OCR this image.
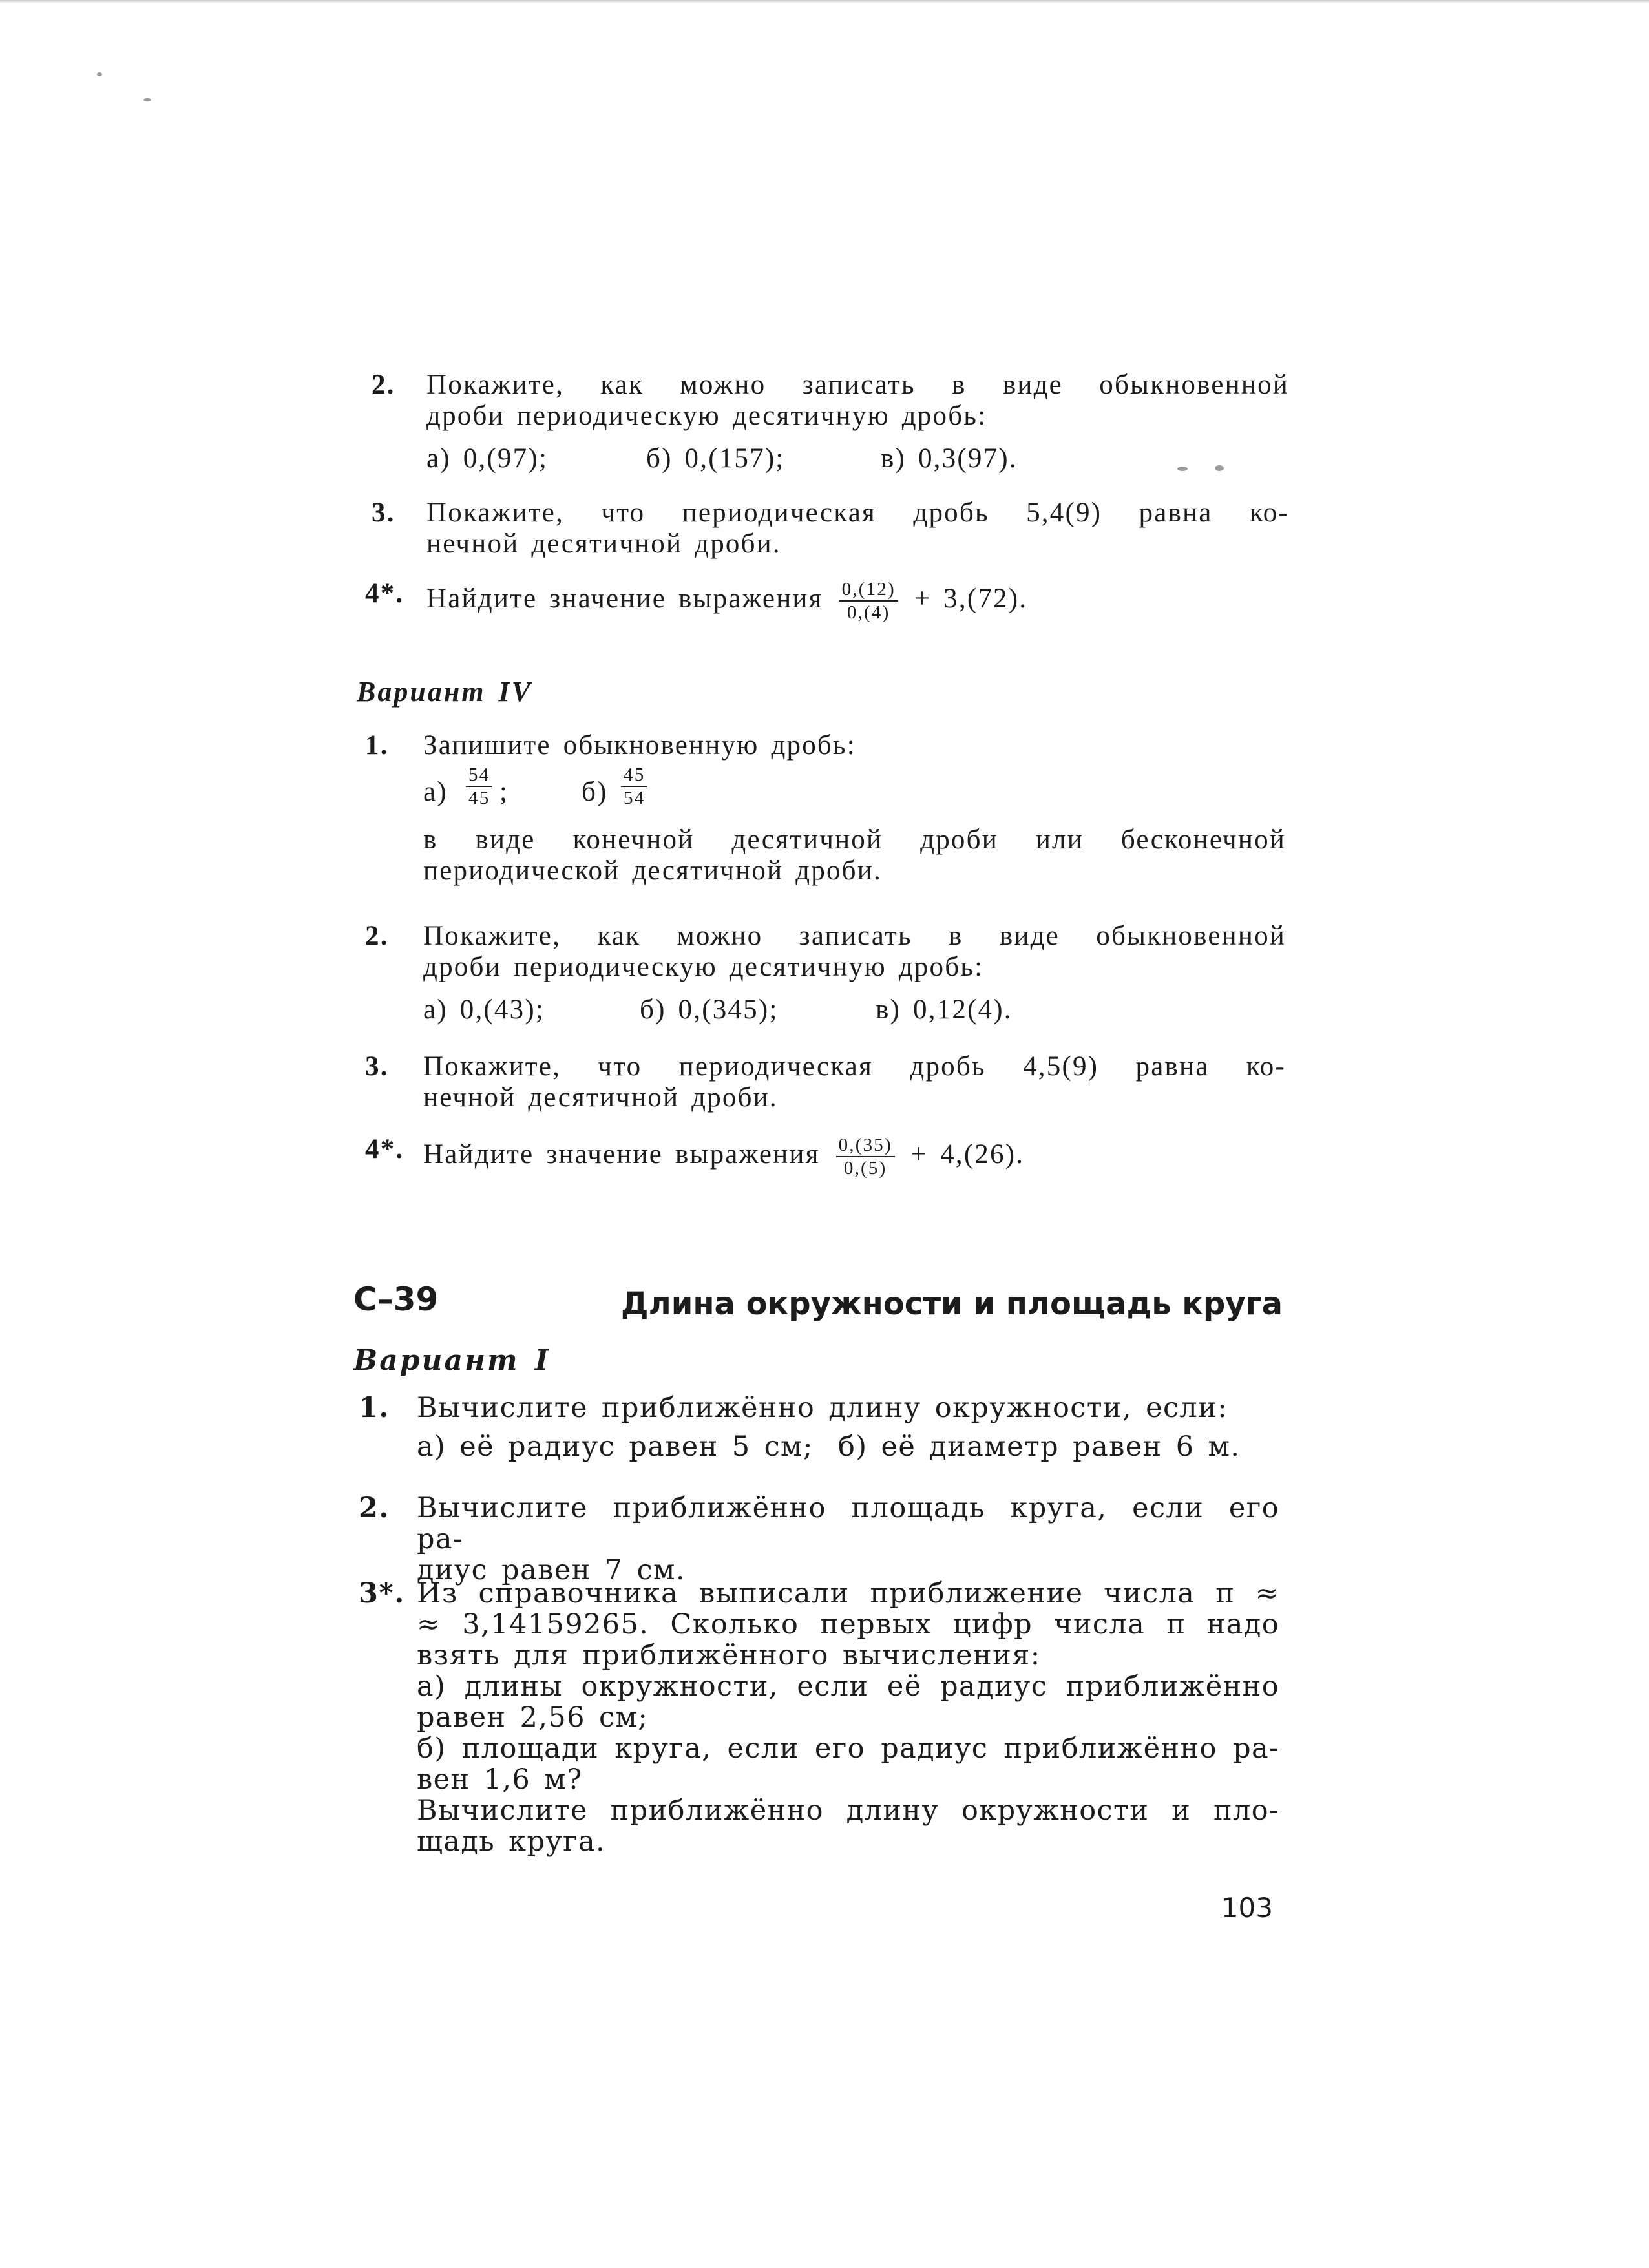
2. Покажите, как можно записать в виде обыкновенной

дроби периодическую десятичную дробь:

а) 0,(97);	б) 0,(157);	в) 0,3(97).
3. Покажите, что периодическая дробь 5,4(9) равна ко-

нечной десятичной дроби.

4*. Найдите значение выражения $\frac{0,(12)}{0,(4)} + 3,(72)$.
Вариант IV
1. Запишите обыкновенную дробь:

$а) \frac{54}{45}$ ;	$б) \frac{45}{54}$

в виде конечной десятичной дроби или бесконечной

периодической десятичной дроби.

2. Покажите, как можно записать в виде обыкновенной

дроби периодическую десятичную дробь:

а) 0,(43);	б) 0,(345);	в) 0,12(4).
3. Покажите, что периодическая дробь 4,5(9) равна ко-

нечной десятичной дроби.

4*. Найдите значение выражения $\frac{0,(35)}{0,(5)} + 4,(26)$.
С–39	Длина окружности и площадь круга
Вариант I
1. Вычислите приближённо длину окружности, если:

а) её радиус равен 5 см; б) её диаметр равен 6 м.
2. Вычислите приближённо площадь круга, если его ра-

диус равен 7 см.

3*. Из справочника выписали приближение числа π ≈

≈ 3,14159265. Сколько первых цифр числа π надо

взять для приближённого вычисления:

а) длины окружности, если её радиус приближённо

равен 2,56 см;

б) площади круга, если его радиус приближённо ра-

вен 1,6 м?

Вычислите приближённо длину окружности и пло-

щадь круга.

103
